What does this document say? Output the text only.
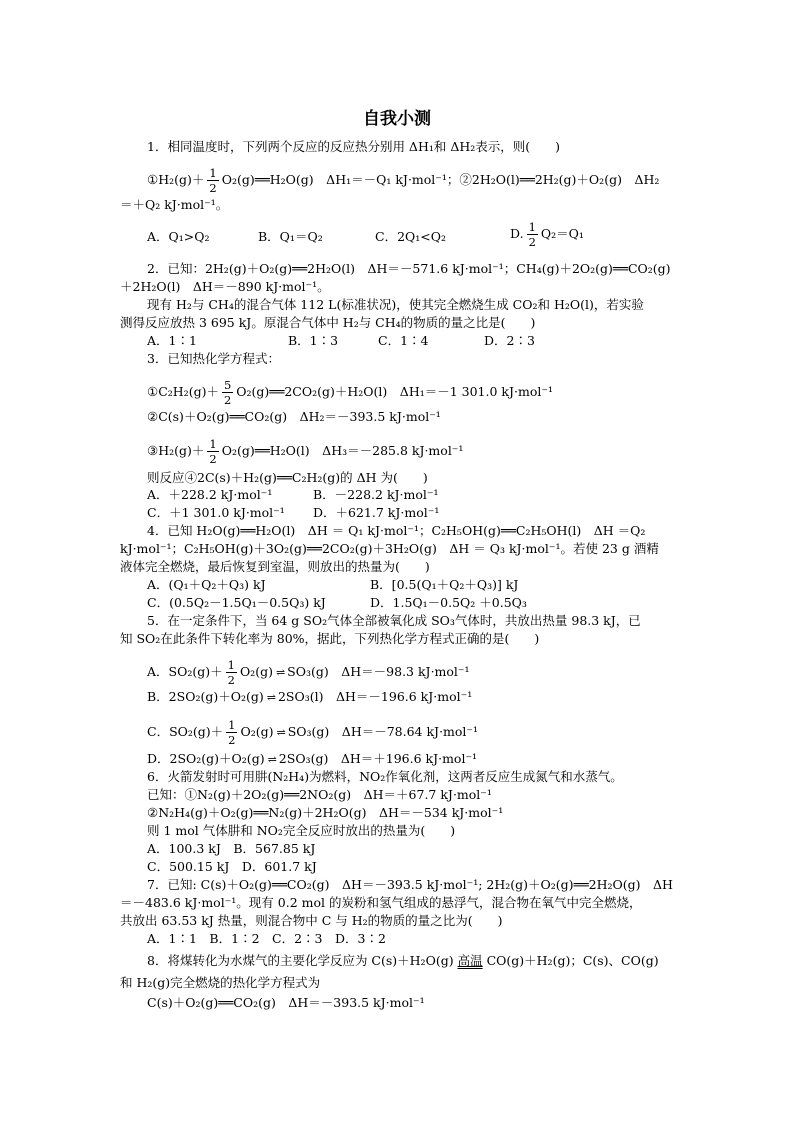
自我小测
1．相同温度时，下列两个反应的反应热分别用 ΔH₁和 ΔH₂表示，则(　　)
①H₂(g)＋ $\frac{1}{2}$ O₂(g)══H₂O(g)　ΔH₁＝－Q₁ kJ·mol⁻¹；②2H₂O(l)══2H₂(g)＋O₂(g)　ΔH₂
＝＋Q₂ kJ·mol⁻¹。
A．Q₁>Q₂	B．Q₁＝Q₂	C．2Q₁<Q₂	D. $\frac{1}{2} Q_2=Q_1$
2．已知：2H₂(g)＋O₂(g)══2H₂O(l)　ΔH＝－571.6 kJ·mol⁻¹；CH₄(g)＋2O₂(g)══CO₂(g)
＋2H₂O(l)　ΔH＝－890 kJ·mol⁻¹。
现有 H₂与 CH₄的混合气体 112 L(标准状况)，使其完全燃烧生成 CO₂和 H₂O(l)，若实验
测得反应放热 3 695 kJ。原混合气体中 H₂与 CH₄的物质的量之比是(　　)
A．1∶1	B．1∶3	C．1∶4	D．2∶3
3．已知热化学方程式：
①C₂H₂(g)＋ $\frac{5}{2}$ O₂(g)══2CO₂(g)＋H₂O(l)　ΔH₁＝－1 301.0 kJ·mol⁻¹
②C(s)＋O₂(g)══CO₂(g)　ΔH₂＝－393.5 kJ·mol⁻¹
③H₂(g)＋ $\frac{1}{2}$ O₂(g)══H₂O(l)　ΔH₃＝－285.8 kJ·mol⁻¹
则反应④2C(s)＋H₂(g)══C₂H₂(g)的 ΔH 为(　　)
A．＋228.2 kJ·mol⁻¹	B．－228.2 kJ·mol⁻¹
C．＋1 301.0 kJ·mol⁻¹ D．＋621.7 kJ·mol⁻¹
4．已知 H₂O(g)══H₂O(l)　ΔH ＝ Q₁ kJ·mol⁻¹；C₂H₅OH(g)══C₂H₅OH(l)　ΔH ＝Q₂
kJ·mol⁻¹；C₂H₅OH(g)＋3O₂(g)══2CO₂(g)＋3H₂O(g)　ΔH ＝ Q₃ kJ·mol⁻¹。若使 23 g 酒精
液体完全燃烧，最后恢复到室温，则放出的热量为(　　)
A．(Q₁＋Q₂＋Q₃) kJ	B．[0.5(Q₁＋Q₂＋Q₃)] kJ
C．(0.5Q₂－1.5Q₁－0.5Q₃) kJ	D．1.5Q₁－0.5Q₂ ＋0.5Q₃
5．在一定条件下，当 64 g SO₂气体全部被氧化成 SO₃气体时，共放出热量 98.3 kJ，已
知 SO₂在此条件下转化率为 80%，据此，下列热化学方程式正确的是(　　)
A．$SO_2(g)+ \frac{1}{2} O_2(g)$ ⇌ SO₃(g)　ΔH＝－98.3 kJ·mol⁻¹
B．2SO₂(g)＋O₂(g) ⇌ 2SO₃(l)　ΔH＝－196.6 kJ·mol⁻¹
C．$SO_2(g)+ \frac{1}{2} O_2(g)$ ⇌ SO₃(g)　ΔH＝－78.64 kJ·mol⁻¹
D．2SO₂(g)＋O₂(g) ⇌ 2SO₃(g)　ΔH＝＋196.6 kJ·mol⁻¹
6．火箭发射时可用肼(N₂H₄)为燃料，NO₂作氧化剂，这两者反应生成氮气和水蒸气。
已知：①N₂(g)＋2O₂(g)══2NO₂(g)　ΔH＝＋67.7 kJ·mol⁻¹
②N₂H₄(g)＋O₂(g)══N₂(g)＋2H₂O(g)　ΔH＝－534 kJ·mol⁻¹
则 1 mol 气体肼和 NO₂完全反应时放出的热量为(　　)
A．100.3 kJ　B．567.85 kJ
C．500.15 kJ　D．601.7 kJ
7．已知: C(s)＋O₂(g)══CO₂(g)　ΔH＝－393.5 kJ·mol⁻¹; 2H₂(g)＋O₂(g)══2H₂O(g)　ΔH
＝－483.6 kJ·mol⁻¹。现有 0.2 mol 的炭粉和氢气组成的悬浮气，混合物在氧气中完全燃烧，
共放出 63.53 kJ 热量，则混合物中 C 与 H₂的物质的量之比为(　　)
A．1∶1　B．1∶2　C．2∶3　D．3∶2
8．将煤转化为水煤气的主要化学反应为 C(s)＋H₂O(g) 高温 CO(g)＋H₂(g)；C(s)、CO(g)
和 H₂(g)完全燃烧的热化学方程式为
C(s)＋O₂(g)══CO₂(g)　ΔH＝－393.5 kJ·mol⁻¹
